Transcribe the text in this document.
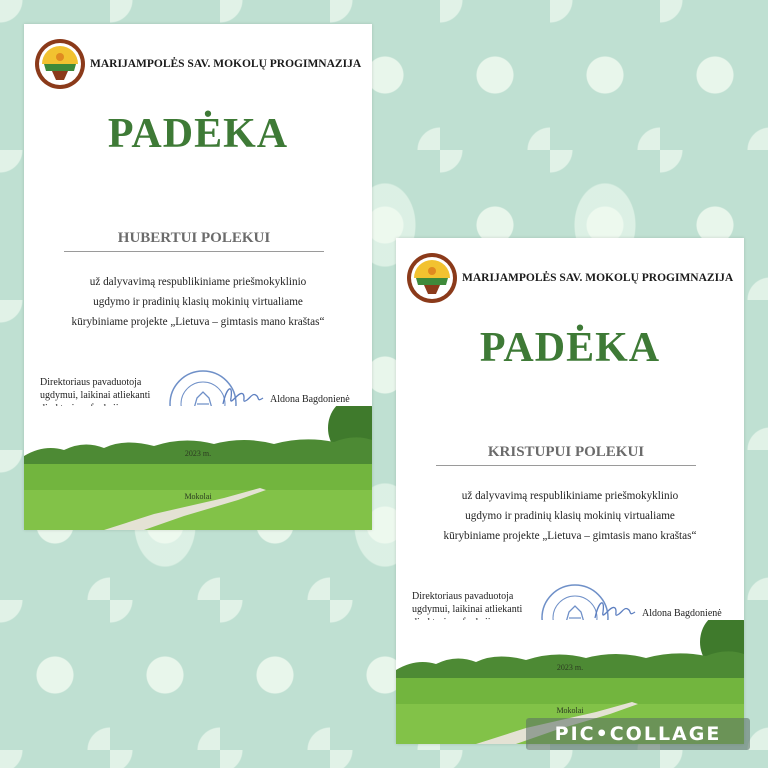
MARIJAMPOLĖS SAV. MOKOLŲ PROGIMNAZIJA
PADĖKA
HUBERTUI POLEKUI
už dalyvavimą respublikiniame priešmokyklinio
ugdymo ir pradinių klasių mokinių virtualiame
kūrybiniame projekte „Lietuva – gimtasis mano kraštas“
Direktoriaus pavaduotoja
ugdymui, laikinai atliekanti	Aldona Bagdonienė
2023 m.
Mokolai
MARIJAMPOLĖS SAV. MOKOLŲ PROGIMNAZIJA
PADĖKA
KRISTUPUI POLEKUI
už dalyvavimą respublikiniame priešmokyklinio
ugdymo ir pradinių klasių mokinių virtualiame
kūrybiniame projekte „Lietuva – gimtasis mano kraštas“
Direktoriaus pavaduotoja
ugdymui, laikinai atliekanti	Aldona Bagdonienė
2023 m.
Mokolai
PIC•COLLAGE
